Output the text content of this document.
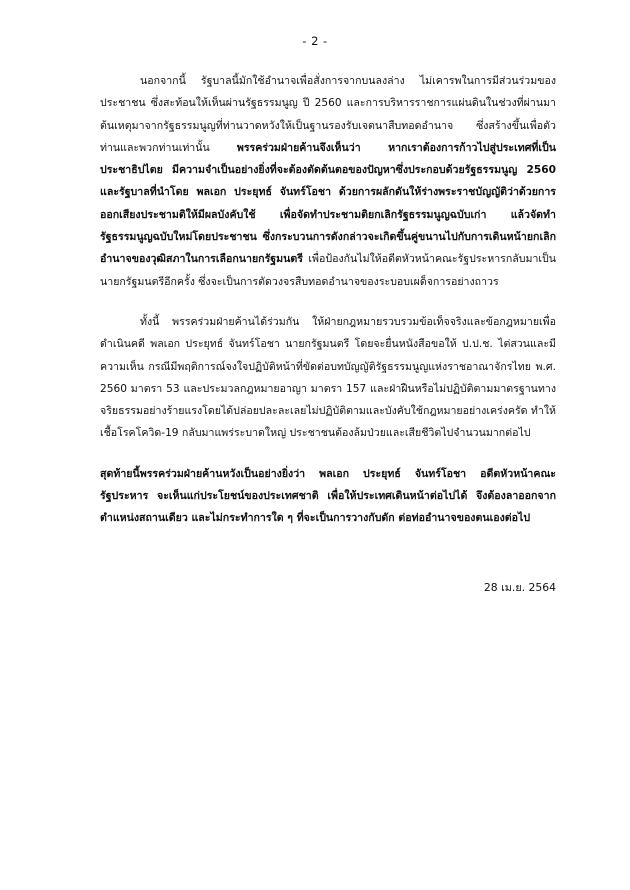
- 2 -

นอกจากนี้ รัฐบาลนี้มักใช้อำนาจเพื่อสั่งการจากบนลงล่าง ไม่เคารพในการมีส่วนร่วมของประชาชน ซึ่งสะท้อนให้เห็นผ่านรัฐธรรมนูญ ปี 2560 และการบริหารราชการแผ่นดินในช่วงที่ผ่านมา ต้นเหตุมาจากรัฐธรรมนูญที่ท่านวาดหวังให้เป็นฐานรองรับเจตนาสืบทอดอำนาจ ซึ่งสร้างขึ้นเพื่อตัวท่านและพวกท่านเท่านั้น พรรคร่วมฝ่ายค้านจึงเห็นว่า หากเราต้องการก้าวไปสู่ประเทศที่เป็นประชาธิปไตย มีความจำเป็นอย่างยิ่งที่จะต้องตัดต้นตอของปัญหาซึ่งประกอบด้วยรัฐธรรมนูญ 2560 และรัฐบาลที่นำโดย พลเอก ประยุทธ์ จันทร์โอชา ด้วยการผลักดันให้ร่างพระราชบัญญัติว่าด้วยการออกเสียงประชามติให้มีผลบังคับใช้ เพื่อจัดทำประชามติยกเลิกรัฐธรรมนูญฉบับเก่า แล้วจัดทำรัฐธรรมนูญฉบับใหม่โดยประชาชน ซึ่งกระบวนการดังกล่าวจะเกิดขึ้นคู่ขนานไปกับการเดินหน้ายกเลิกอำนาจของวุฒิสภาในการเลือกนายกรัฐมนตรี เพื่อป้องกันไม่ให้อดีตหัวหน้าคณะรัฐประหารกลับมาเป็นนายกรัฐมนตรีอีกครั้ง ซึ่งจะเป็นการตัดวงจรสืบทอดอำนาจของระบอบเผด็จการอย่างถาวร

ทั้งนี้ พรรคร่วมฝ่ายค้านได้ร่วมกัน ให้ฝ่ายกฎหมายรวบรวมข้อเท็จจริงและข้อกฎหมายเพื่อดำเนินคดี พลเอก ประยุทธ์ จันทร์โอชา นายกรัฐมนตรี โดยจะยื่นหนังสือขอให้ ป.ป.ช. ไต่สวนและมีความเห็น กรณีมีพฤติการณ์จงใจปฏิบัติหน้าที่ขัดต่อบทบัญญัติรัฐธรรมนูญแห่งราชอาณาจักรไทย พ.ศ. 2560 มาตรา 53 และประมวลกฎหมายอาญา มาตรา 157 และฝ่าฝืนหรือไม่ปฏิบัติตามมาตรฐานทางจริยธรรมอย่างร้ายแรงโดยได้ปล่อยปละละเลยไม่ปฏิบัติตามและบังคับใช้กฎหมายอย่างเคร่งครัด ทำให้เชื้อโรคโควิด-19 กลับมาแพร่ระบาดใหญ่ ประชาชนต้องล้มป่วยและเสียชีวิตไปจำนวนมากต่อไป

สุดท้ายนี้พรรคร่วมฝ่ายค้านหวังเป็นอย่างยิ่งว่า พลเอก ประยุทธ์ จันทร์โอชา อดีตหัวหน้าคณะรัฐประหาร จะเห็นแก่ประโยชน์ของประเทศชาติ เพื่อให้ประเทศเดินหน้าต่อไปได้ จึงต้องลาออกจากตำแหน่งสถานเดียว และไม่กระทำการใด ๆ ที่จะเป็นการวางกับดัก ต่อท่ออำนาจของตนเองต่อไป

28 เม.ย. 2564
